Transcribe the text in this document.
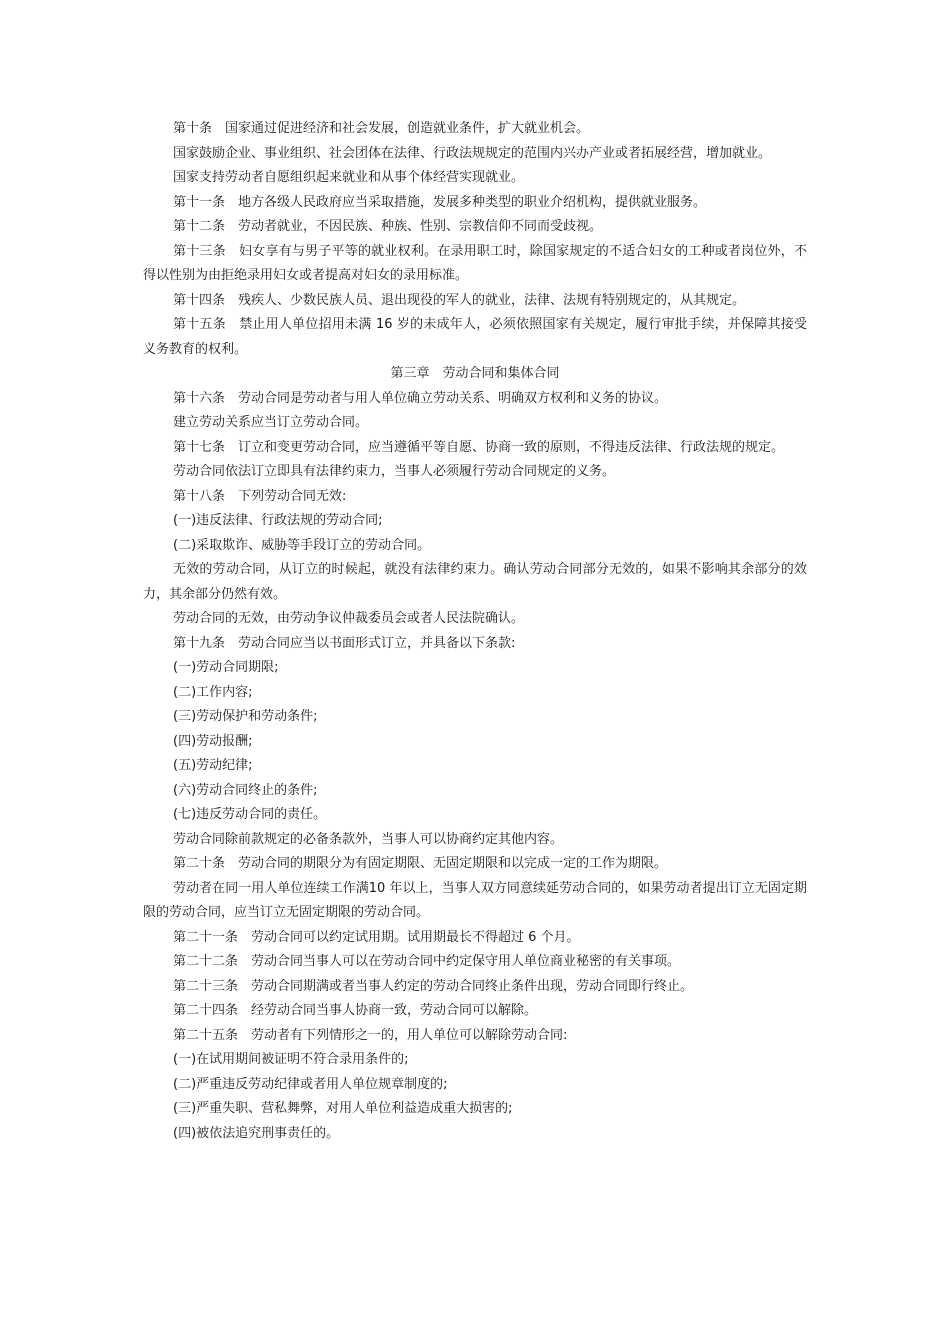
第十条　国家通过促进经济和社会发展，创造就业条件，扩大就业机会。

国家鼓励企业、事业组织、社会团体在法律、行政法规规定的范围内兴办产业或者拓展经营，增加就业。

国家支持劳动者自愿组织起来就业和从事个体经营实现就业。

第十一条　地方各级人民政府应当采取措施，发展多种类型的职业介绍机构，提供就业服务。

第十二条　劳动者就业，不因民族、种族、性别、宗教信仰不同而受歧视。

第十三条　妇女享有与男子平等的就业权利。在录用职工时，除国家规定的不适合妇女的工种或者岗位外，不得以性别为由拒绝录用妇女或者提高对妇女的录用标准。

第十四条　残疾人、少数民族人员、退出现役的军人的就业，法律、法规有特别规定的，从其规定。

第十五条　禁止用人单位招用未满 16 岁的未成年人，必须依照国家有关规定，履行审批手续，并保障其接受义务教育的权利。

第三章　劳动合同和集体合同

第十六条　劳动合同是劳动者与用人单位确立劳动关系、明确双方权利和义务的协议。

建立劳动关系应当订立劳动合同。

第十七条　订立和变更劳动合同，应当遵循平等自愿、协商一致的原则，不得违反法律、行政法规的规定。

劳动合同依法订立即具有法律约束力，当事人必须履行劳动合同规定的义务。

第十八条　下列劳动合同无效:

(一)违反法律、行政法规的劳动合同;

(二)采取欺诈、威胁等手段订立的劳动合同。

无效的劳动合同，从订立的时候起，就没有法律约束力。确认劳动合同部分无效的，如果不影响其余部分的效力，其余部分仍然有效。

劳动合同的无效，由劳动争议仲裁委员会或者人民法院确认。

第十九条　劳动合同应当以书面形式订立，并具备以下条款:

(一)劳动合同期限;

(二)工作内容;

(三)劳动保护和劳动条件;

(四)劳动报酬;

(五)劳动纪律;

(六)劳动合同终止的条件;

(七)违反劳动合同的责任。

劳动合同除前款规定的必备条款外，当事人可以协商约定其他内容。

第二十条　劳动合同的期限分为有固定期限、无固定期限和以完成一定的工作为期限。

劳动者在同一用人单位连续工作满10 年以上，当事人双方同意续延劳动合同的，如果劳动者提出订立无固定期限的劳动合同，应当订立无固定期限的劳动合同。

第二十一条　劳动合同可以约定试用期。试用期最长不得超过 6 个月。

第二十二条　劳动合同当事人可以在劳动合同中约定保守用人单位商业秘密的有关事项。

第二十三条　劳动合同期满或者当事人约定的劳动合同终止条件出现，劳动合同即行终止。

第二十四条　经劳动合同当事人协商一致，劳动合同可以解除。

第二十五条　劳动者有下列情形之一的，用人单位可以解除劳动合同:

(一)在试用期间被证明不符合录用条件的;

(二)严重违反劳动纪律或者用人单位规章制度的;

(三)严重失职、营私舞弊，对用人单位利益造成重大损害的;

(四)被依法追究刑事责任的。
